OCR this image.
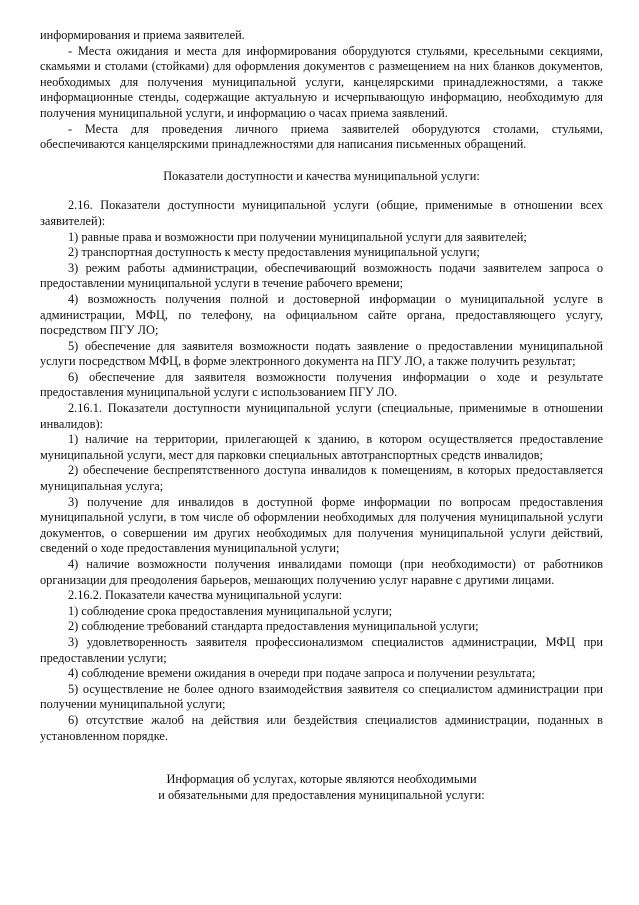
информирования и приема заявителей.

- Места ожидания и места для информирования оборудуются стульями, кресельными секциями, скамьями и столами (стойками) для оформления документов с размещением на них бланков документов, необходимых для получения муниципальной услуги, канцелярскими принадлежностями, а также информационные стенды, содержащие актуальную и исчерпывающую информацию, необходимую для получения муниципальной услуги, и информацию о часах приема заявлений.

- Места для проведения личного приема заявителей оборудуются столами, стульями, обеспечиваются канцелярскими принадлежностями для написания письменных обращений.

Показатели доступности и качества муниципальной услуги:

2.16. Показатели доступности муниципальной услуги (общие, применимые в отношении всех заявителей):

1) равные права и возможности при получении муниципальной услуги для заявителей;

2) транспортная доступность к месту предоставления муниципальной услуги;

3) режим работы администрации, обеспечивающий возможность подачи заявителем запроса о предоставлении муниципальной услуги в течение рабочего времени;

4) возможность получения полной и достоверной информации о муниципальной услуге в администрации, МФЦ, по телефону, на официальном сайте органа, предоставляющего услугу, посредством ПГУ ЛО;

5) обеспечение для заявителя возможности подать заявление о предоставлении муниципальной услуги посредством МФЦ, в форме электронного документа на ПГУ ЛО, а также получить результат;

6) обеспечение для заявителя возможности получения информации о ходе и результате предоставления муниципальной услуги с использованием ПГУ ЛО.

2.16.1. Показатели доступности муниципальной услуги (специальные, применимые в отношении инвалидов):

1) наличие на территории, прилегающей к зданию, в котором осуществляется предоставление муниципальной услуги, мест для парковки специальных автотранспортных средств инвалидов;

2) обеспечение беспрепятственного доступа инвалидов к помещениям, в которых предоставляется муниципальная услуга;

3) получение для инвалидов в доступной форме информации по вопросам предоставления муниципальной услуги, в том числе об оформлении необходимых для получения муниципальной услуги документов, о совершении им других необходимых для получения муниципальной услуги действий, сведений о ходе предоставления муниципальной услуги;

4) наличие возможности получения инвалидами помощи (при необходимости) от работников организации для преодоления барьеров, мешающих получению услуг наравне с другими лицами.

2.16.2. Показатели качества муниципальной услуги:

1) соблюдение срока предоставления муниципальной услуги;

2) соблюдение требований стандарта предоставления муниципальной услуги;

3) удовлетворенность заявителя профессионализмом специалистов администрации, МФЦ при предоставлении услуги;

4) соблюдение времени ожидания в очереди при подаче запроса и получении результата;

5) осуществление не более одного взаимодействия заявителя со специалистом администрации при получении муниципальной услуги;

6) отсутствие жалоб на действия или бездействия специалистов администрации, поданных в установленном порядке.

Информация об услугах, которые являются необходимыми

и обязательными для предоставления муниципальной услуги:
